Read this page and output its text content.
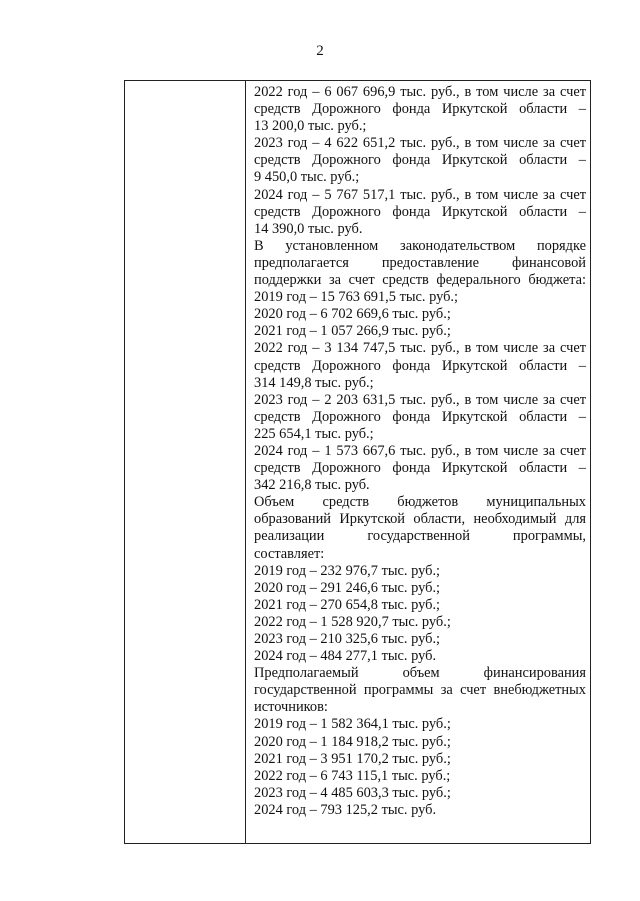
2
2022 год – 6 067 696,9 тыс. руб., в том числе за счет
средств Дорожного фонда Иркутской области –
13 200,0 тыс. руб.;
2023 год – 4 622 651,2 тыс. руб., в том числе за счет
средств Дорожного фонда Иркутской области –
9 450,0 тыс. руб.;
2024 год – 5 767 517,1 тыс. руб., в том числе за счет
средств Дорожного фонда Иркутской области –
14 390,0 тыс. руб.
В установленном законодательством порядке
предполагается предоставление финансовой
поддержки за счет средств федерального бюджета:
2019 год – 15 763 691,5 тыс. руб.;
2020 год – 6 702 669,6 тыс. руб.;
2021 год – 1 057 266,9 тыс. руб.;
2022 год – 3 134 747,5 тыс. руб., в том числе за счет
средств Дорожного фонда Иркутской области –
314 149,8 тыс. руб.;
2023 год – 2 203 631,5 тыс. руб., в том числе за счет
средств Дорожного фонда Иркутской области –
225 654,1 тыс. руб.;
2024 год – 1 573 667,6 тыс. руб., в том числе за счет
средств Дорожного фонда Иркутской области –
342 216,8 тыс. руб.
Объем средств бюджетов муниципальных
образований Иркутской области, необходимый для
реализации государственной программы,
составляет:
2019 год – 232 976,7 тыс. руб.;
2020 год – 291 246,6 тыс. руб.;
2021 год – 270 654,8 тыс. руб.;
2022 год – 1 528 920,7 тыс. руб.;
2023 год – 210 325,6 тыс. руб.;
2024 год – 484 277,1 тыс. руб.
Предполагаемый объем финансирования
государственной программы за счет внебюджетных
источников:
2019 год – 1 582 364,1 тыс. руб.;
2020 год – 1 184 918,2 тыс. руб.;
2021 год – 3 951 170,2 тыс. руб.;
2022 год – 6 743 115,1 тыс. руб.;
2023 год – 4 485 603,3 тыс. руб.;
2024 год – 793 125,2 тыс. руб.
